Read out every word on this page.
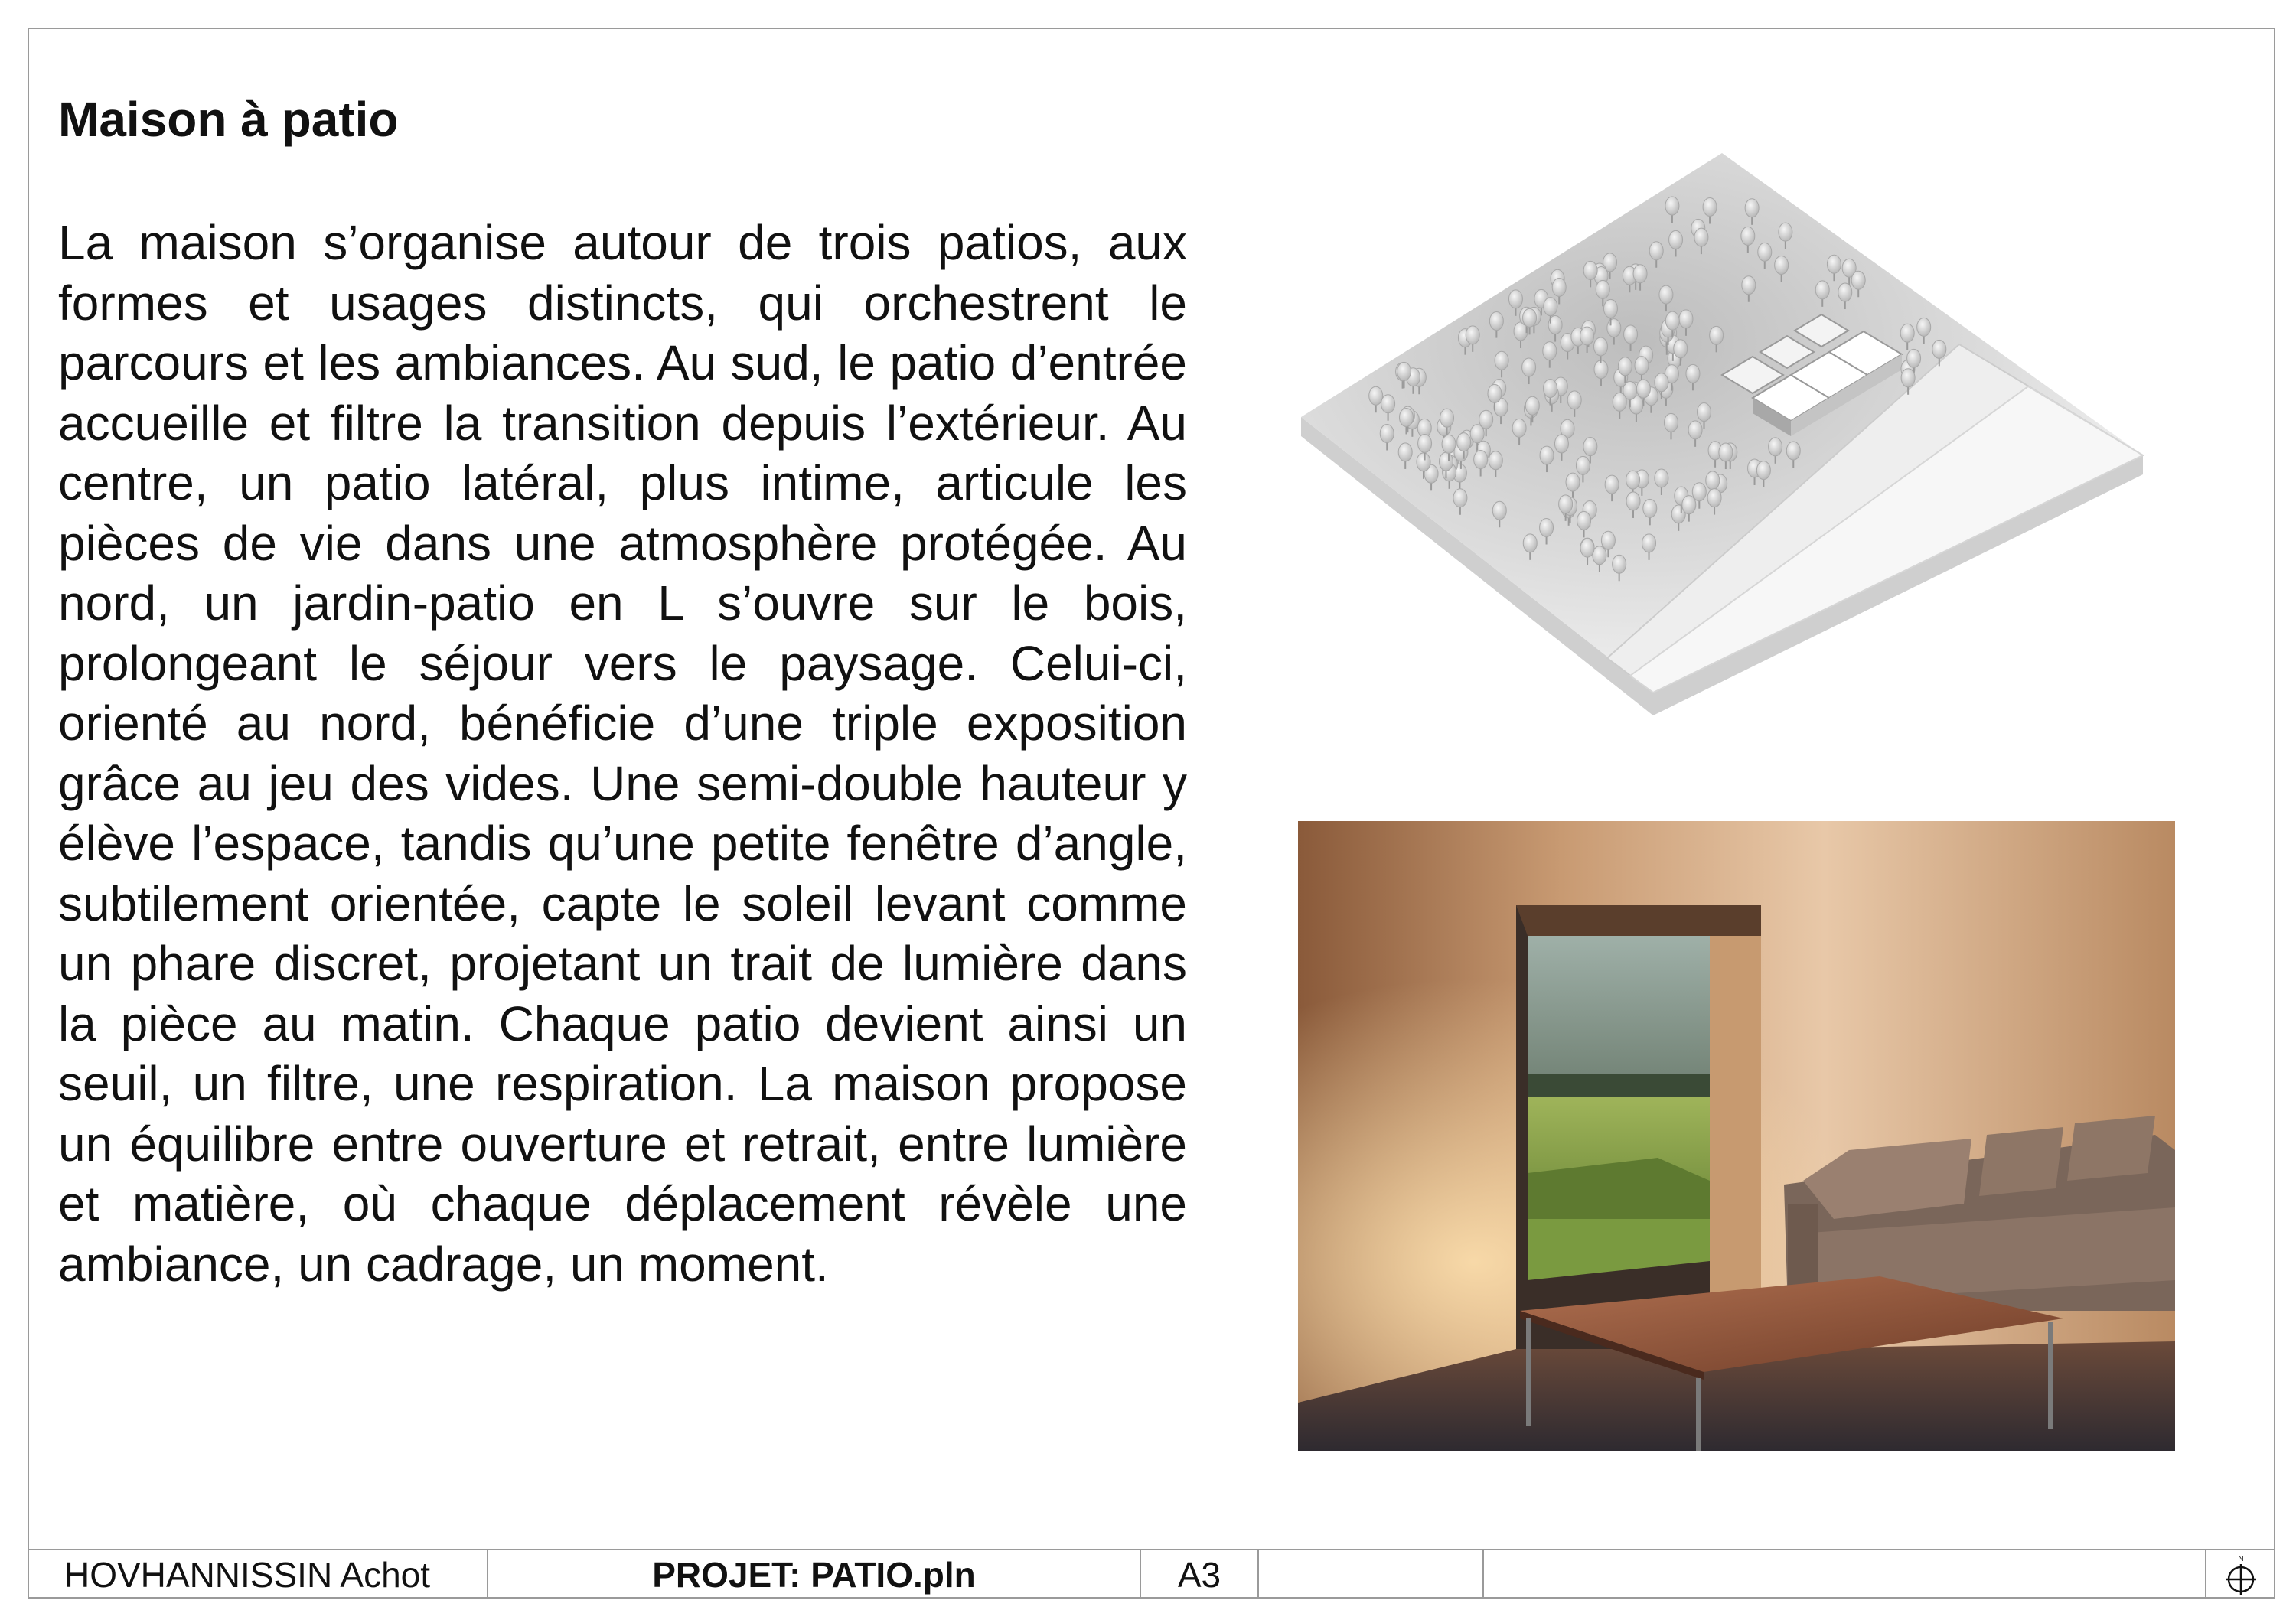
Maison à patio

La maison s’organise autour de trois patios, aux formes et usages distincts, qui orchestrent le parcours et les ambiances. Au sud, le patio d’entrée accueille et filtre la transition depuis l’extérieur. Au centre, un patio latéral, plus intime, articule les pièces de vie dans une atmosphère protégée. Au nord, un jardin-patio en L s’ouvre sur le bois, prolongeant le séjour vers le paysage. Celui-ci, orienté au nord, bénéficie d’une triple exposition grâce au jeu des vides. Une semi-double hauteur y élève l’espace, tandis qu’une petite fenêtre d’angle, subtilement orientée, capte le soleil levant comme un phare discret, projetant un trait de lumière dans la pièce au matin. Chaque patio devient ainsi un seuil, un filtre, une respiration. La maison propose un équilibre entre ouverture et retrait, entre lumière et matière, où chaque déplacement révèle une ambiance, un cadrage, un moment.

HOVHANNISSIN Achot	PROJET: PATIO.pln	A3	N
